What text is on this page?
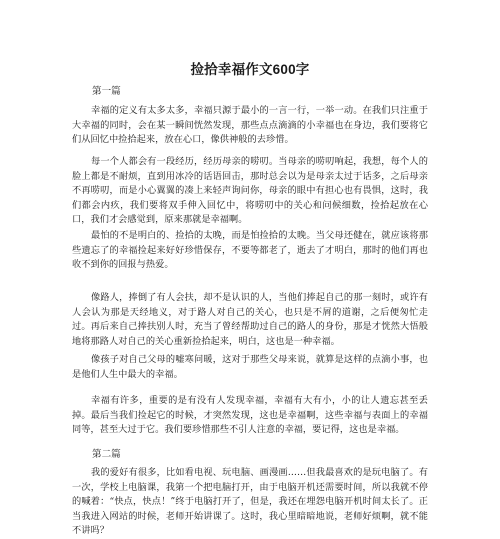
捡拾幸福作文600字

第一篇

幸福的定义有太多太多，幸福只源于最小的一言一行，一举一动。在我们只注重于大幸福的同时，会在某一瞬间恍然发现，那些点点滴滴的小幸福也在身边，我们要将它们从回忆中捡拾起来，放在心口，像供神般的去珍惜。

每一个人都会有一段经历，经历母亲的唠叨。当母亲的唠叨响起，我想，每个人的脸上都是不耐烦，直到用冰冷的话语回击，那时总会以为是母亲太过于话多，之后母亲不再唠叨，而是小心翼翼的凑上来轻声询问你，母亲的眼中有担心也有畏惧，这时，我们都会内疚，我们要将双手伸入回忆中，将唠叨中的关心和问候细数，捡拾起放在心口，我们才会感觉到，原来那就是幸福啊。

最怕的不是明白的、捡拾的太晚，而是怕捡拾的太晚。当父母还健在，就应该将那些遗忘了的幸福捡起来好好珍惜保存，不要等都老了，逝去了才明白，那时的他们再也收不到你的回报与热爱。

像路人，捧倒了有人会扶，却不是认识的人，当他们捧起自己的那一刻时，或许有人会认为那是天经地义，对于路人对自己的关心，也只是不屑的道谢，之后便匆忙走过。再后来自己捧扶别人时，充当了曾经帮助过自己的路人的身份，那是才恍然大悟般地将那路人对自己的关心重新捡拾起来，明白，这也是一种幸福。

像孩子对自己父母的嘘寒问暖，这对于那些父母来说，就算是这样的点滴小事，也是他们人生中最大的幸福。

幸福有许多，重要的是有没有人发现幸福，幸福有大有小，小的让人遗忘甚至丢掉。最后当我们捡起它的时候，才突然发现，这也是幸福啊，这些幸福与表面上的幸福同等，甚至大过于它。我们要珍惜那些不引人注意的幸福，要记得，这也是幸福。

第二篇

我的爱好有很多，比如看电视、玩电脑、画漫画……但我最喜欢的是玩电脑了。有一次，学校上电脑课，我第一个把电脑打开，由于电脑开机还需要时间，所以我就不停的喊着：“快点，快点！”终于电脑打开了，但是，我还在埋怨电脑开机时间太长了。正当我进入网站的时候，老师开始讲课了。这时，我心里暗暗地说，老师好烦啊，就不能不讲吗？
